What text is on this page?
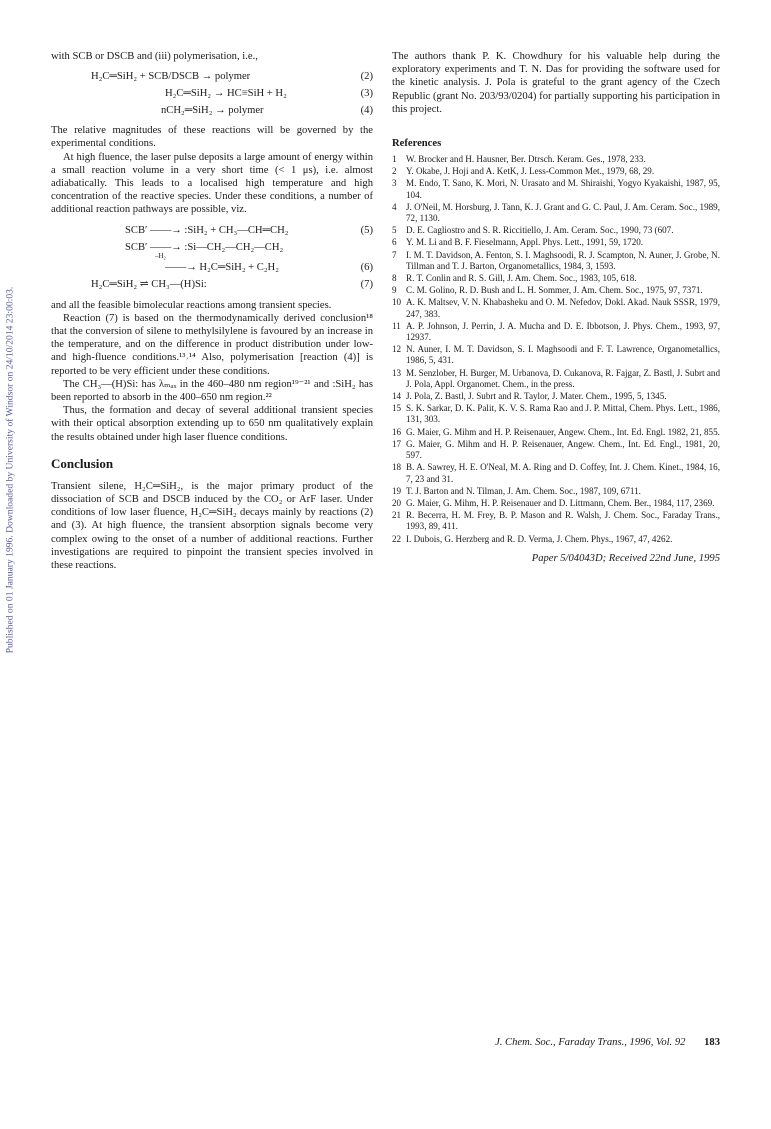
Published on 01 January 1996. Downloaded by University of Windsor on 24/10/2014 23:00:03.

with SCB or DSCB and (iii) polymerisation, i.e.,

H₂C═SiH₂ + SCB/DSCB → polymer	(2)
H₂C═SiH₂ → HC≡SiH + H₂	(3)
nCH₂═SiH₂ → polymer	(4)

The relative magnitudes of these reactions will be governed by the experimental conditions.

At high fluence, the laser pulse deposits a large amount of energy within a small reaction volume in a very short time (< 1 μs), i.e. almost adiabatically. This leads to a localised high temperature and high concentration of the reactive species. Under these conditions, a number of additional reaction pathways are possible, viz.

SCB′ ——→ :SiH₂ + CH₃—CH═CH₂	(5)
SCB′ ——→ :Si—CH₂—CH₂—CH₂
–H₂
——→ H₂C═SiH₂ + C₂H₂	(6)
H₂C═SiH₂ ⇌ CH₃—(H)Si:	(7)

and all the feasible bimolecular reactions among transient species.

Reaction (7) is based on the thermodynamically derived conclusion¹⁸ that the conversion of silene to methylsilylene is favoured by an increase in the temperature, and on the difference in product distribution under low- and high-fluence conditions.¹³˒¹⁴ Also, polymerisation [reaction (4)] is reported to be very efficient under these conditions.

The CH₃—(H)Si: has λₘₐₓ in the 460–480 nm region¹⁹⁻²¹ and :SiH₂ has been reported to absorb in the 400–650 nm region.²²

Thus, the formation and decay of several additional transient species with their optical absorption extending up to 650 nm qualitatively explain the results obtained under high laser fluence conditions.

Conclusion

Transient silene, H₂C═SiH₂, is the major primary product of the dissociation of SCB and DSCB induced by the CO₂ or ArF laser. Under conditions of low laser fluence, H₂C═SiH₂ decays mainly by reactions (2) and (3). At high fluence, the transient absorption signals become very complex owing to the onset of a number of additional reactions. Further investigations are required to pinpoint the transient species involved in these reactions.

The authors thank P. K. Chowdhury for his valuable help during the exploratory experiments and T. N. Das for providing the software used for the kinetic analysis. J. Pola is grateful to the grant agency of the Czech Republic (grant No. 203/93/0204) for partially supporting his participation in this project.

References
1	W. Brocker and H. Hausner, Ber. Dtrsch. Keram. Ges., 1978, 233.
2	Y. Okabe, J. Hoji and A. KetK, J. Less-Common Met., 1979, 68, 29.
3	M. Endo, T. Sano, K. Mori, N. Urasato and M. Shiraishi, Yogyo Kyakaishi, 1987, 95, 104.
4	J. O'Neil, M. Horsburg, J. Tann, K. J. Grant and G. C. Paul, J. Am. Ceram. Soc., 1989, 72, 1130.
5	D. E. Cagliostro and S. R. Riccitiello, J. Am. Ceram. Soc., 1990, 73 (607.
6	Y. M. Li and B. F. Fieselmann, Appl. Phys. Lett., 1991, 59, 1720.
7	I. M. T. Davidson, A. Fenton, S. I. Maghsoodi, R. J. Scampton, N. Auner, J. Grobe, N. Tillman and T. J. Barton, Organometallics, 1984, 3, 1593.
8	R. T. Conlin and R. S. Gill, J. Am. Chem. Soc., 1983, 105, 618.
9	C. M. Golino, R. D. Bush and L. H. Sommer, J. Am. Chem. Soc., 1975, 97, 7371.
10 A. K. Maltsev, V. N. Khabasheku and O. M. Nefedov, Dokl. Akad. Nauk SSSR, 1979, 247, 383.
11 A. P. Johnson, J. Perrin, J. A. Mucha and D. E. Ibbotson, J. Phys. Chem., 1993, 97, 12937.
12 N. Auner, I. M. T. Davidson, S. I. Maghsoodi and F. T. Lawrence, Organometallics, 1986, 5, 431.
13 M. Senzlober, H. Burger, M. Urbanova, D. Cukanova, R. Fajgar, Z. Bastl, J. Subrt and J. Pola, Appl. Organomet. Chem., in the press.
14 J. Pola, Z. Bastl, J. Subrt and R. Taylor, J. Mater. Chem., 1995, 5, 1345.
15 S. K. Sarkar, D. K. Palit, K. V. S. Rama Rao and J. P. Mittal, Chem. Phys. Lett., 1986, 131, 303.
16 G. Maier, G. Mihm and H. P. Reisenauer, Angew. Chem., Int. Ed. Engl. 1982, 21, 855.
17 G. Maier, G. Mihm and H. P. Reisenauer, Angew. Chem., Int. Ed. Engl., 1981, 20, 597.
18 B. A. Sawrey, H. E. O'Neal, M. A. Ring and D. Coffey, Int. J. Chem. Kinet., 1984, 16, 7, 23 and 31.
19 T. J. Barton and N. Tilman, J. Am. Chem. Soc., 1987, 109, 6711.
20 G. Maier, G. Mihm, H. P. Reisenauer and D. Littmann, Chem. Ber., 1984, 117, 2369.
21 R. Becerra, H. M. Frey, B. P. Mason and R. Walsh, J. Chem. Soc., Faraday Trans., 1993, 89, 411.
22 I. Dubois, G. Herzberg and R. D. Verma, J. Chem. Phys., 1967, 47, 4262.
Paper 5/04043D; Received 22nd June, 1995
J. Chem. Soc., Faraday Trans., 1996, Vol. 92 183
